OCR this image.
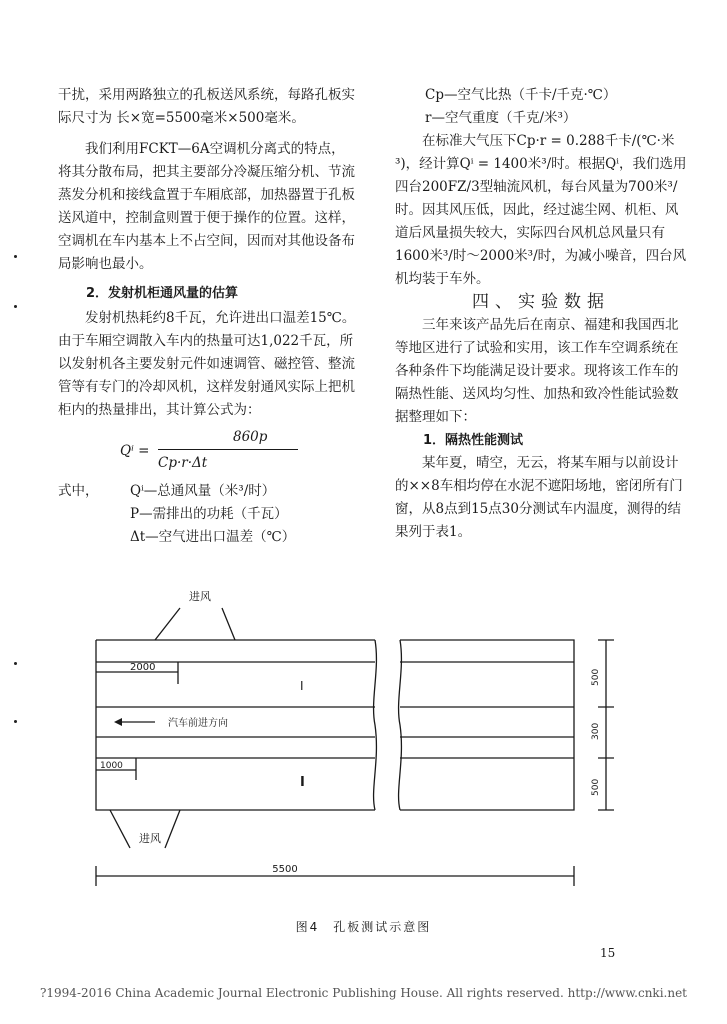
干扰，采用两路独立的孔板送风系统，每路孔板实际尺寸为 长×宽=5500毫米×500毫米。

我们利用FCKT—6A空调机分离式的特点，将其分散布局，把其主要部分冷凝压缩分机、节流蒸发分机和接线盒置于车厢底部，加热器置于孔板送风道中，控制盒则置于便于操作的位置。这样，空调机在车内基本上不占空间，因而对其他设备布局影响也最小。

2．发射机柜通风量的估算

发射机热耗约8千瓦，允许进出口温差15℃。由于车厢空调散入车内的热量可达1,022千瓦，所以发射机各主要发射元件如速调管、磁控管、整流管等有专门的冷却风机，这样发射通风实际上把机柜内的热量排出，其计算公式为：

Qⁱ =
860p
Cp·r·Δt
式中， Qⁱ—总通风量（米³/时）
P—需排出的功耗（千瓦）
Δt—空气进出口温差（℃）

Cp—空气比热（千卡/千克·℃）

r—空气重度（千克/米³）

在标准大气压下Cp·r = 0.288千卡/(℃·米³)，经计算Qⁱ = 1400米³/时。根据Qⁱ，我们选用四台200FZ/3型轴流风机，每台风量为700米³/时。因其风压低，因此，经过滤尘网、机柜、风道后风量损失较大，实际四台风机总风量只有1600米³/时～2000米³/时，为减小噪音，四台风机均装于车外。

四、实验数据

三年来该产品先后在南京、福建和我国西北等地区进行了试验和实用，该工作车空调系统在各种条件下均能满足设计要求。现将该工作车的隔热性能、送风均匀性、加热和致冷性能试验数据整理如下：

1．隔热性能测试

某年夏，晴空，无云，将某车厢与以前设计的××8车相均停在水泥不遮阳场地，密闭所有门窗，从8点到15点30分测试车内温度，测得的结果列于表1。

进风
进风
2000
1000
5500
I
I
汽车前进方向
500
300
500
图4　孔板测试示意图
15
?1994-2016 China Academic Journal Electronic Publishing House. All rights reserved. http://www.cnki.net
